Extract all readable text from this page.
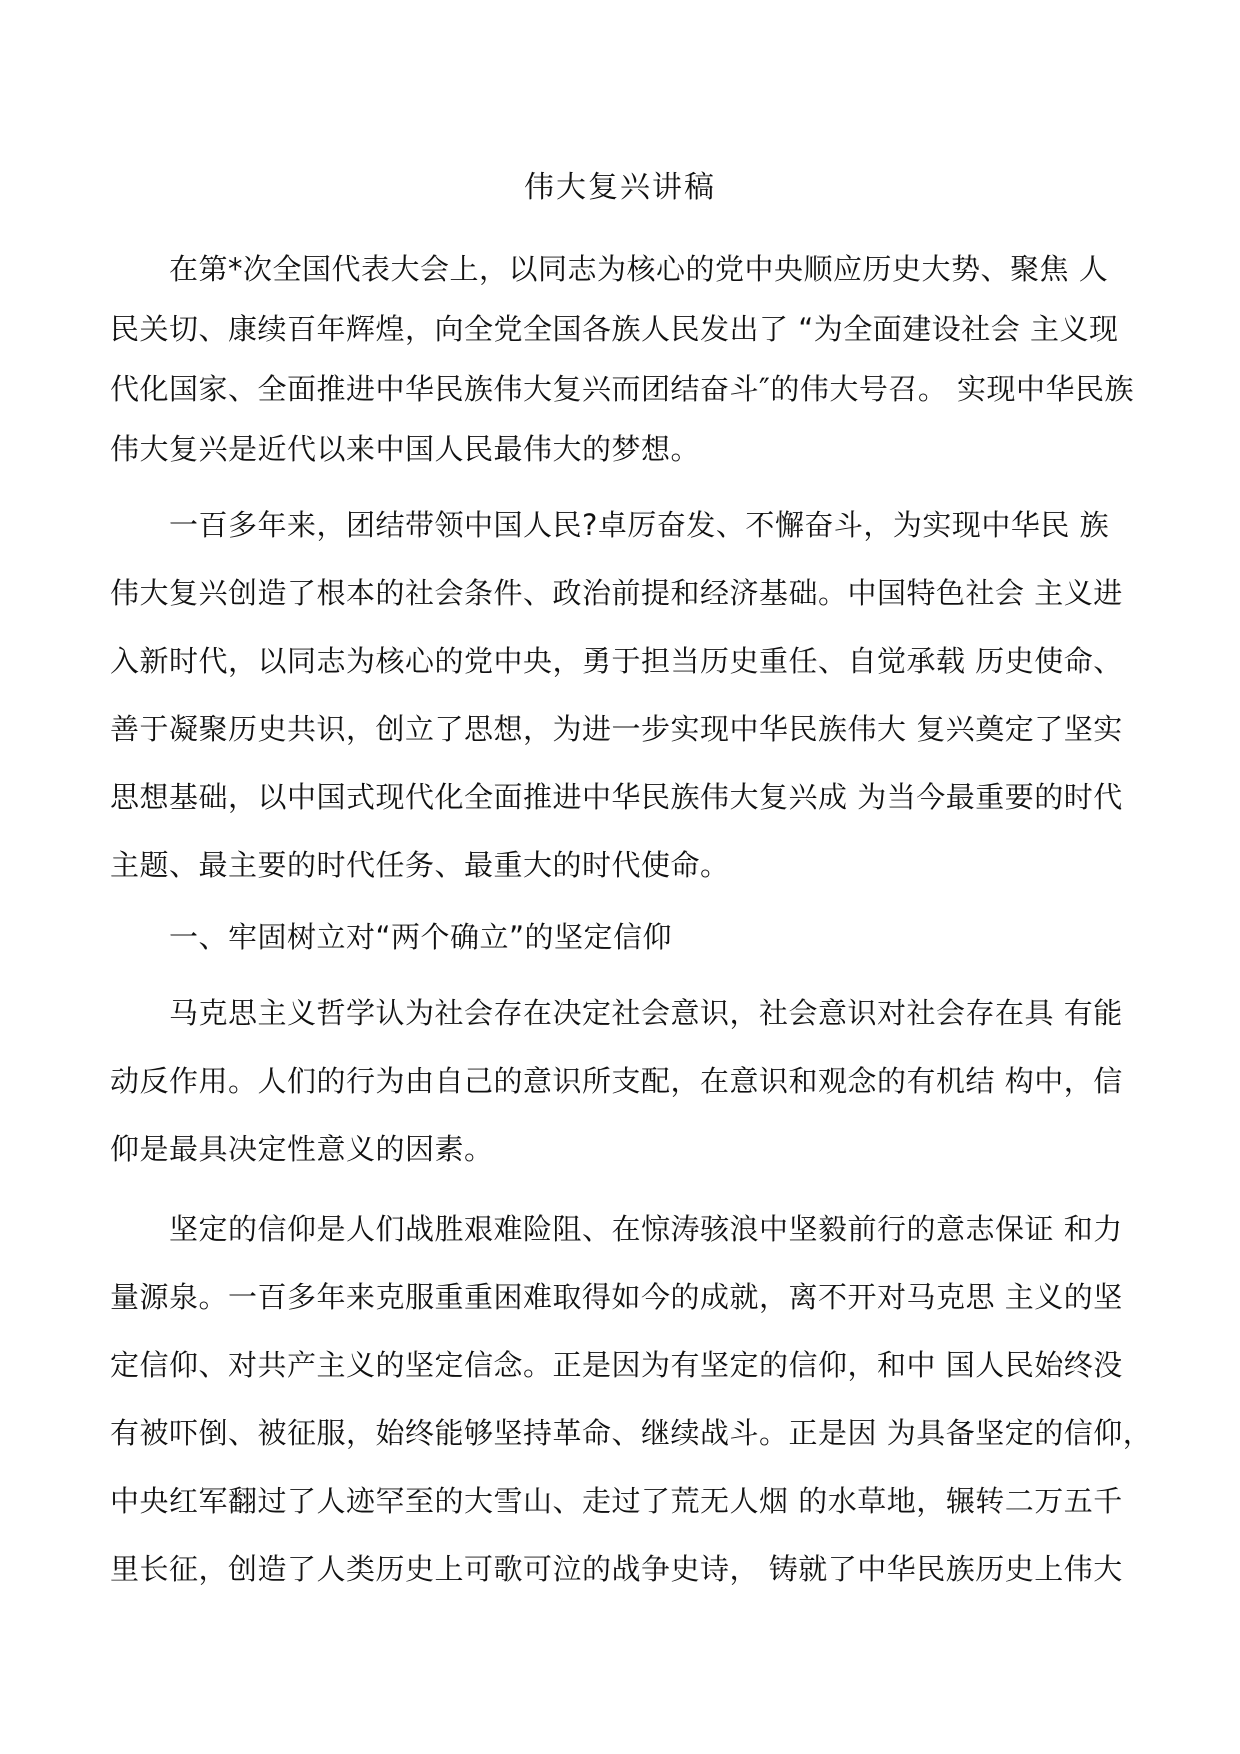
伟大复兴讲稿
在第*次全国代表大会上，以同志为核心的党中央顺应历史大势、聚焦 人
民关切、康续百年辉煌，向全党全国各族人民发出了 “为全面建设社会 主义现
代化国家、全面推进中华民族伟大复兴而团结奋斗″的伟大号召。 实现中华民族
伟大复兴是近代以来中国人民最伟大的梦想。
一百多年来，团结带领中国人民?卓厉奋发、不懈奋斗，为实现中华民 族
伟大复兴创造了根本的社会条件、政治前提和经济基础。中国特色社会 主义进
入新时代，以同志为核心的党中央，勇于担当历史重任、自觉承载 历史使命、
善于凝聚历史共识，创立了思想，为进一步实现中华民族伟大 复兴奠定了坚实
思想基础，以中国式现代化全面推进中华民族伟大复兴成 为当今最重要的时代
主题、最主要的时代任务、最重大的时代使命。
一、牢固树立对“两个确立”的坚定信仰
马克思主义哲学认为社会存在决定社会意识，社会意识对社会存在具 有能
动反作用。人们的行为由自己的意识所支配，在意识和观念的有机结 构中，信
仰是最具决定性意义的因素。
坚定的信仰是人们战胜艰难险阻、在惊涛骇浪中坚毅前行的意志保证 和力
量源泉。一百多年来克服重重困难取得如今的成就，离不开对马克思 主义的坚
定信仰、对共产主义的坚定信念。正是因为有坚定的信仰，和中 国人民始终没
有被吓倒、被征服，始终能够坚持革命、继续战斗。正是因 为具备坚定的信仰，
中央红军翻过了人迹罕至的大雪山、走过了荒无人烟 的水草地，辗转二万五千
里长征，创造了人类历史上可歌可泣的战争史诗， 铸就了中华民族历史上伟大
